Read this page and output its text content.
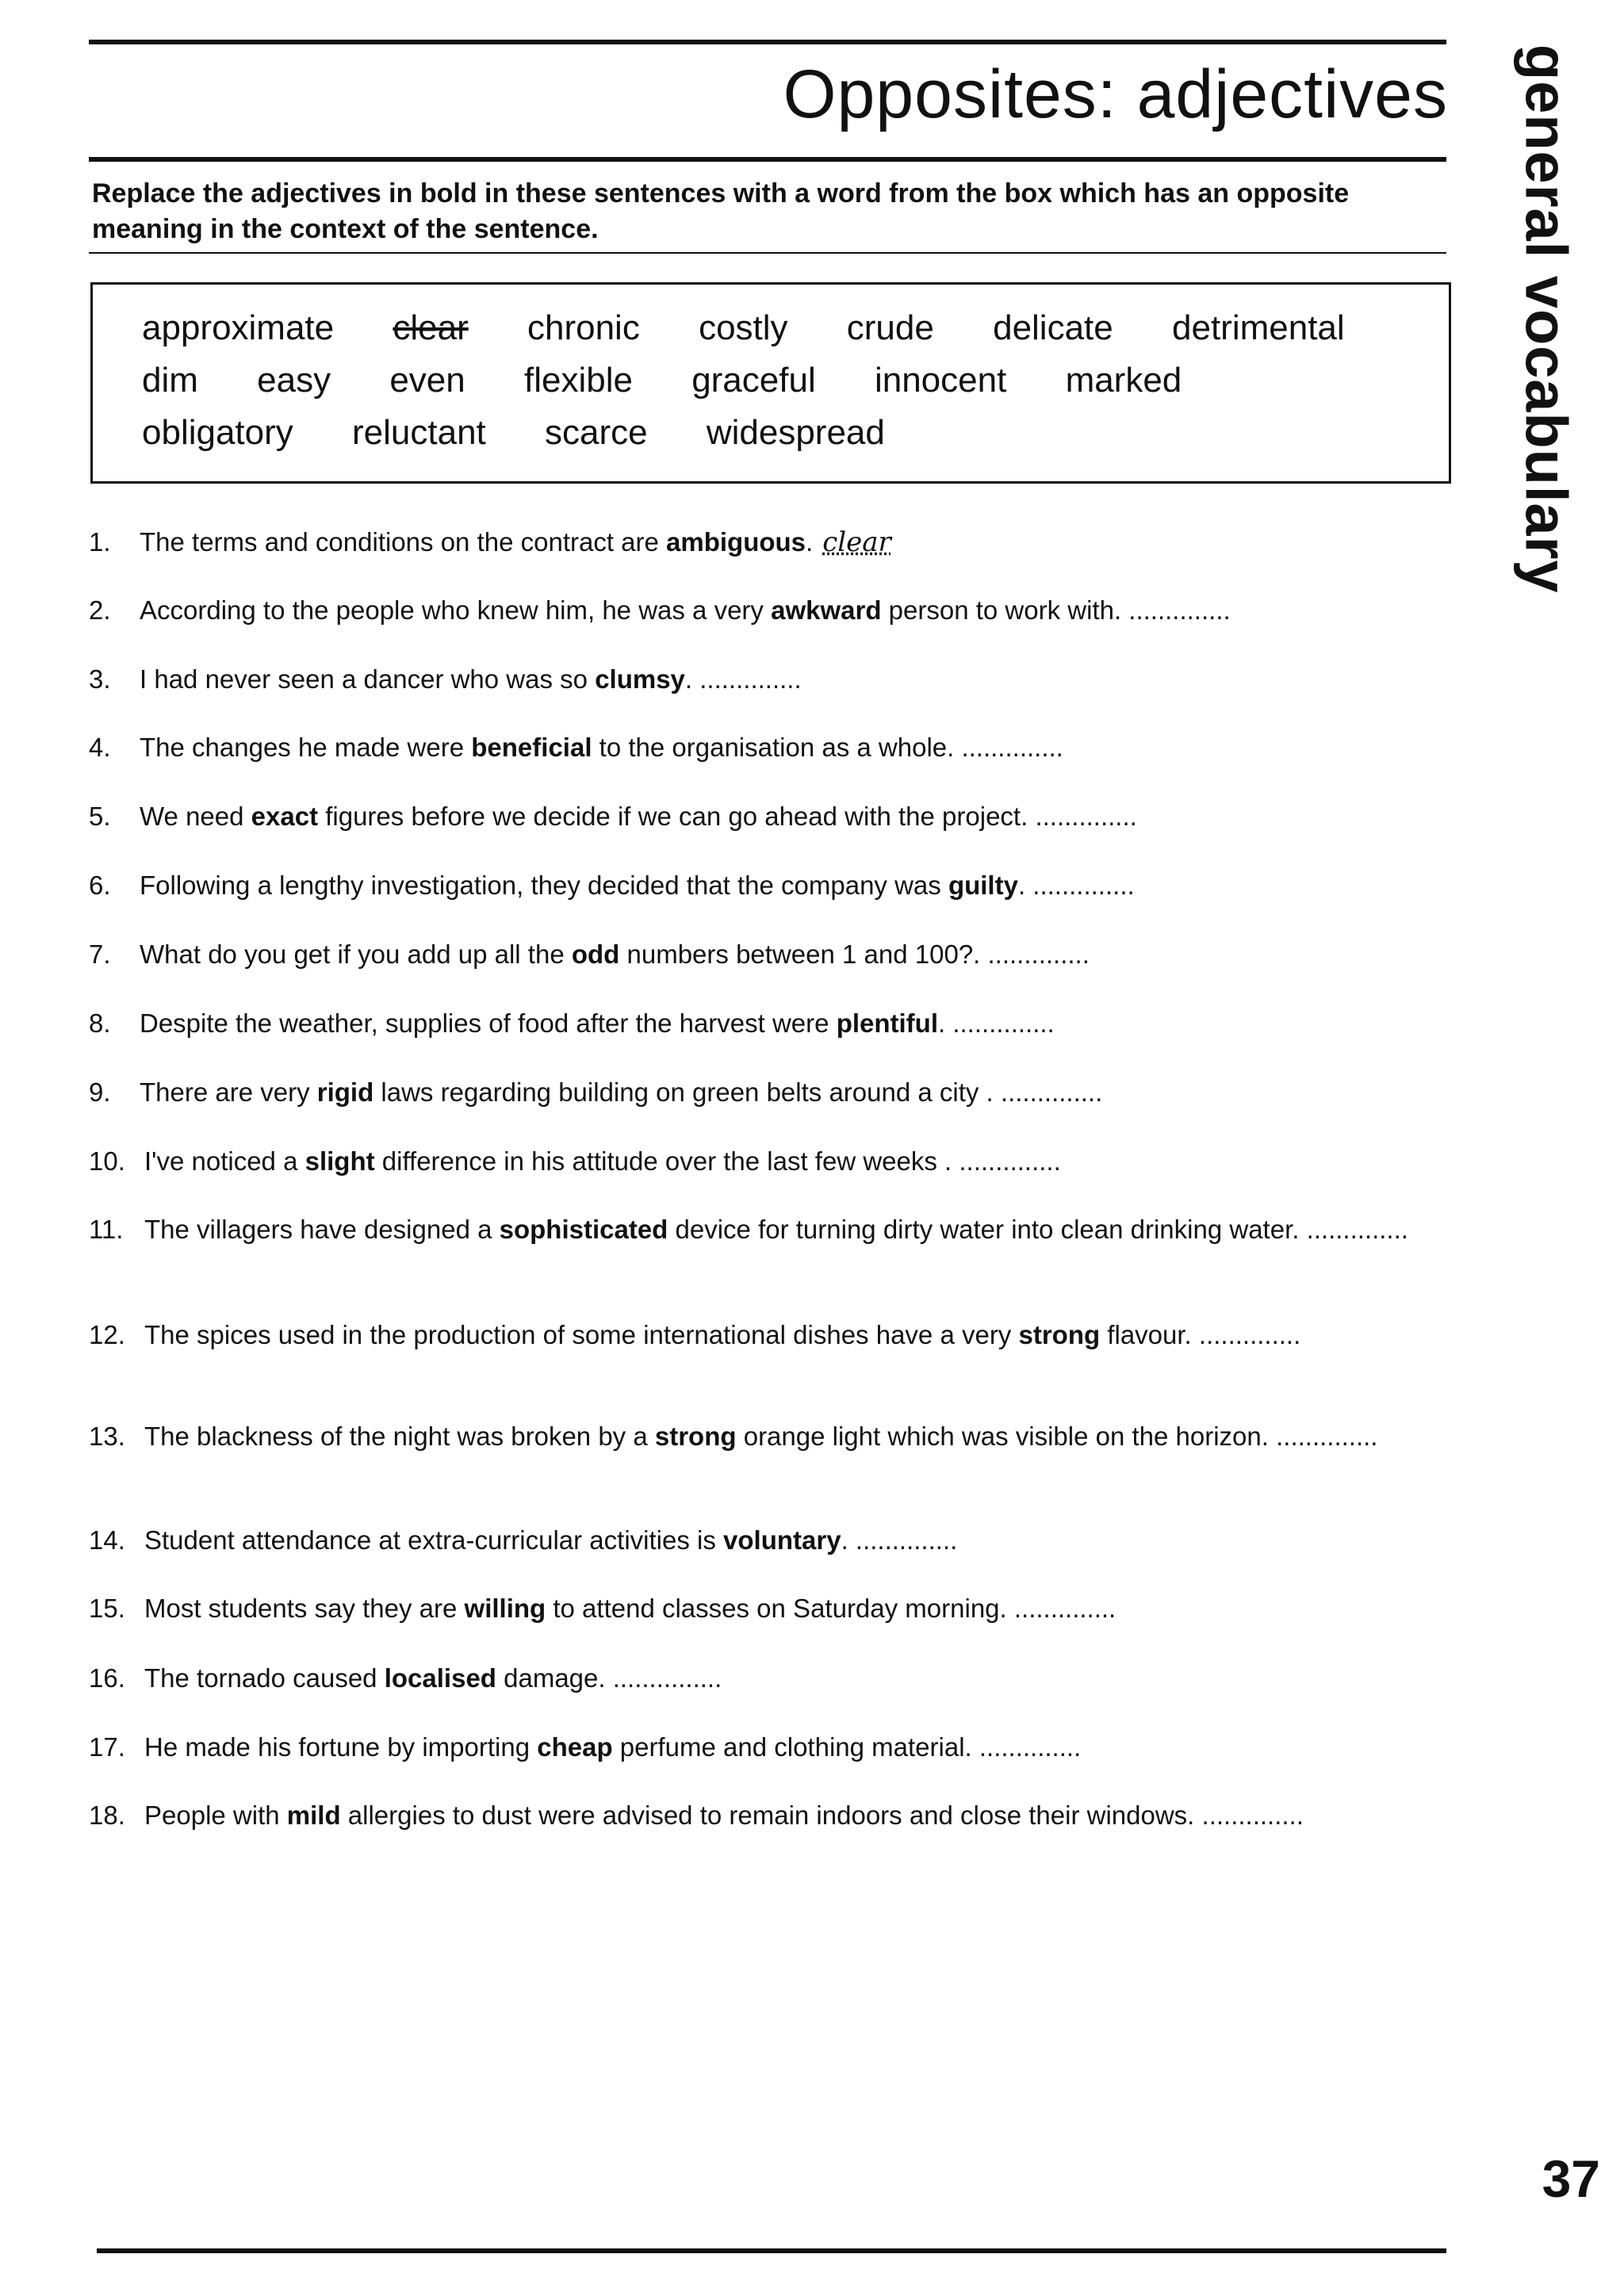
Opposites: adjectives
Replace the adjectives in bold in these sentences with a word from the box which has an opposite meaning in the context of the sentence.	general vocabulary
approximate clear chronic costly crude delicate detrimental
dim easy even flexible graceful innocent marked
obligatory reluctant scarce widespread
1. The terms and conditions on the contract are ambiguous. clear
2. According to the people who knew him, he was a very awkward person to work with. ..............
3. I had never seen a dancer who was so clumsy. ..............
4. The changes he made were beneficial to the organisation as a whole. ..............
5. We need exact figures before we decide if we can go ahead with the project. ..............
6. Following a lengthy investigation, they decided that the company was guilty. ..............
7. What do you get if you add up all the odd numbers between 1 and 100?. ..............
8. Despite the weather, supplies of food after the harvest were plentiful. ..............
9. There are very rigid laws regarding building on green belts around a city . ..............
10. I've noticed a slight difference in his attitude over the last few weeks . ..............
11. The villagers have designed a sophisticated device for turning dirty water into clean drinking water. ..............
12. The spices used in the production of some international dishes have a very strong flavour. ..............
13. The blackness of the night was broken by a strong orange light which was visible on the horizon. ..............
14. Student attendance at extra-curricular activities is voluntary. ..............
15. Most students say they are willing to attend classes on Saturday morning. ..............
16. The tornado caused localised damage. ...............
17. He made his fortune by importing cheap perfume and clothing material. ..............
18. People with mild allergies to dust were advised to remain indoors and close their windows. ..............
37
